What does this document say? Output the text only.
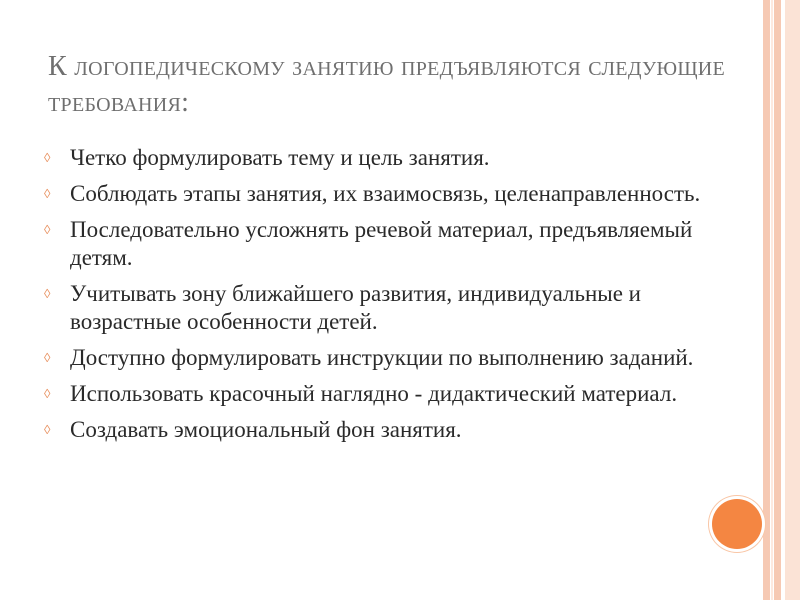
К логопедическому занятию предъявляются следующие
требования:
◊ Четко формулировать тему и цель занятия.
◊ Соблюдать этапы занятия, их взаимосвязь, целенаправленность.
◊ Последовательно усложнять речевой материал, предъявляемый детям.
◊ Учитывать зону ближайшего развития, индивидуальные и возрастные особенности детей.
◊ Доступно формулировать инструкции по выполнению заданий.
◊ Использовать красочный наглядно - дидактический материал.
◊ Создавать эмоциональный фон занятия.
